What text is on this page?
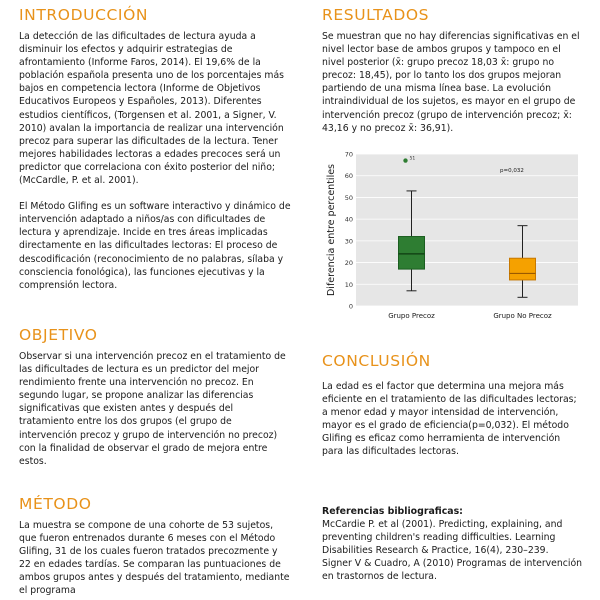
INTRODUCCIÓN

La detección de las dificultades de lectura ayuda a disminuir los efectos y adquirir estrategias de afrontamiento (Informe Faros, 2014). El 19,6% de la población española presenta uno de los porcentajes más bajos en competencia lectora (Informe de Objetivos Educativos Europeos y Españoles, 2013). Diferentes estudios científicos, (Torgensen et al. 2001, a Signer, V. 2010) avalan la importancia de realizar una intervención precoz para superar las dificultades de la lectura. Tener mejores habilidades lectoras a edades precoces será un predictor que correlaciona con éxito posterior del niño; (McCardle, P. et al. 2001).

El Método Glifing es un software interactivo y dinámico de intervención adaptado a niños/as con dificultades de lectura y aprendizaje. Incide en tres áreas implicadas directamente en las dificultades lectoras: El proceso de descodificación (reconocimiento de no palabras, sílaba y consciencia fonológica), las funciones ejecutivas y la comprensión lectora.

OBJETIVO

Observar si una intervención precoz en el tratamiento de las dificultades de lectura es un predictor del mejor rendimiento frente una intervención no precoz. En segundo lugar, se propone analizar las diferencias significativas que existen antes y después del tratamiento entre los dos grupos (el grupo de intervención precoz y grupo de intervención no precoz) con la finalidad de observar el grado de mejora entre estos.

MÉTODO

La muestra se compone de una cohorte de 53 sujetos, que fueron entrenados durante 6 meses con el Método Glifing, 31 de los cuales fueron tratados precozmente y 22 en edades tardías. Se comparan las puntuaciones de ambos grupos antes y después del tratamiento, mediante el programa

RESULTADOS

Se muestran que no hay diferencias significativas en el nivel lector base de ambos grupos y tampoco en el nivel posterior (x̄: grupo precoz 18,03 x̄: grupo no precoz: 18,45), por lo tanto los dos grupos mejoran partiendo de una misma línea base. La evolución intraindividual de los sujetos, es mayor en el grupo de intervención precoz (grupo de intervención precoz; x̄: 43,16 y no precoz x̄: 36,91).

CONCLUSIÓN

La edad es el factor que determina una mejora más eficiente en el tratamiento de las dificultades lectoras; a menor edad y mayor intensidad de intervención, mayor es el grado de eficiencia(p=0,032). El método Glifing es eficaz como herramienta de intervención para las dificultades lectoras.

Referencias bibliograficas:

McCardie P. et al (2001). Predicting, explaining, and preventing children's reading difficulties. Learning Disabilities Research & Practice, 16(4), 230–239.

Signer V & Cuadro, A (2010) Programas de intervención en trastornos de lectura.

0
10
20
30
40
50
60
70
Grupo Precoz	Grupo No Precoz
51
Diferencia entre percentiles	p=0,032
